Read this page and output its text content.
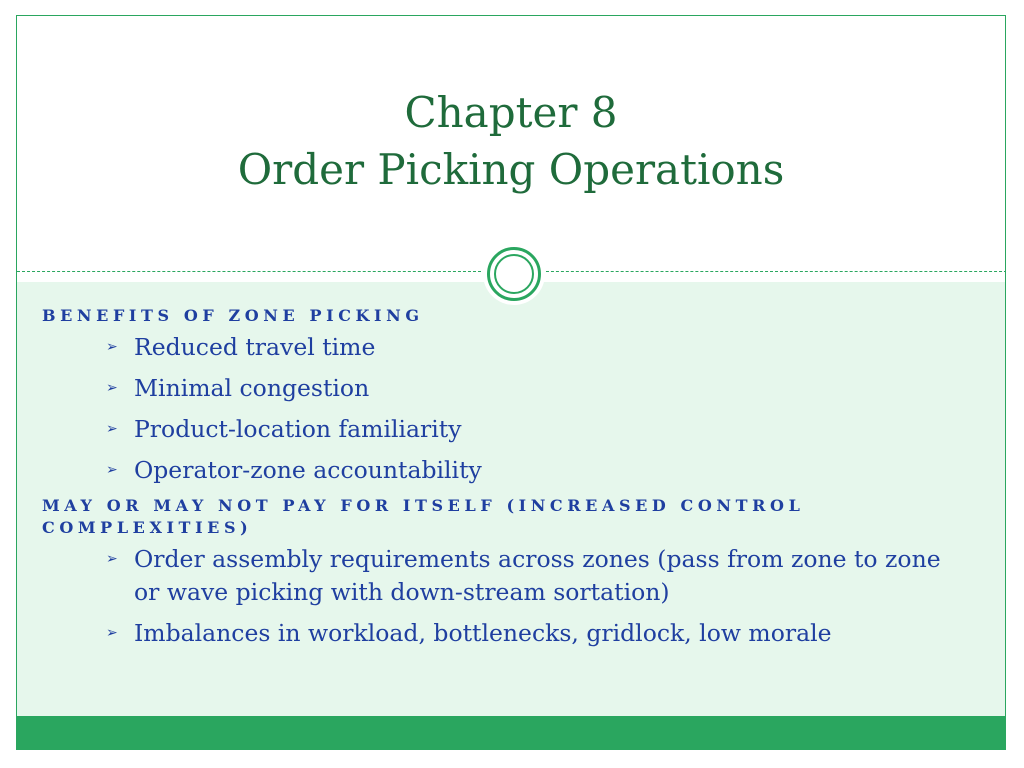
Chapter 8
Order Picking Operations

BENEFITS OF ZONE PICKING

➢ Reduced travel time
➢ Minimal congestion
➢ Product-location familiarity
➢ Operator-zone accountability

MAY OR MAY NOT PAY FOR ITSELF (INCREASED CONTROL COMPLEXITIES)

➢ Order assembly requirements across zones (pass from zone to zone or wave picking with down-stream sortation)
➢ Imbalances in workload, bottlenecks, gridlock, low morale
